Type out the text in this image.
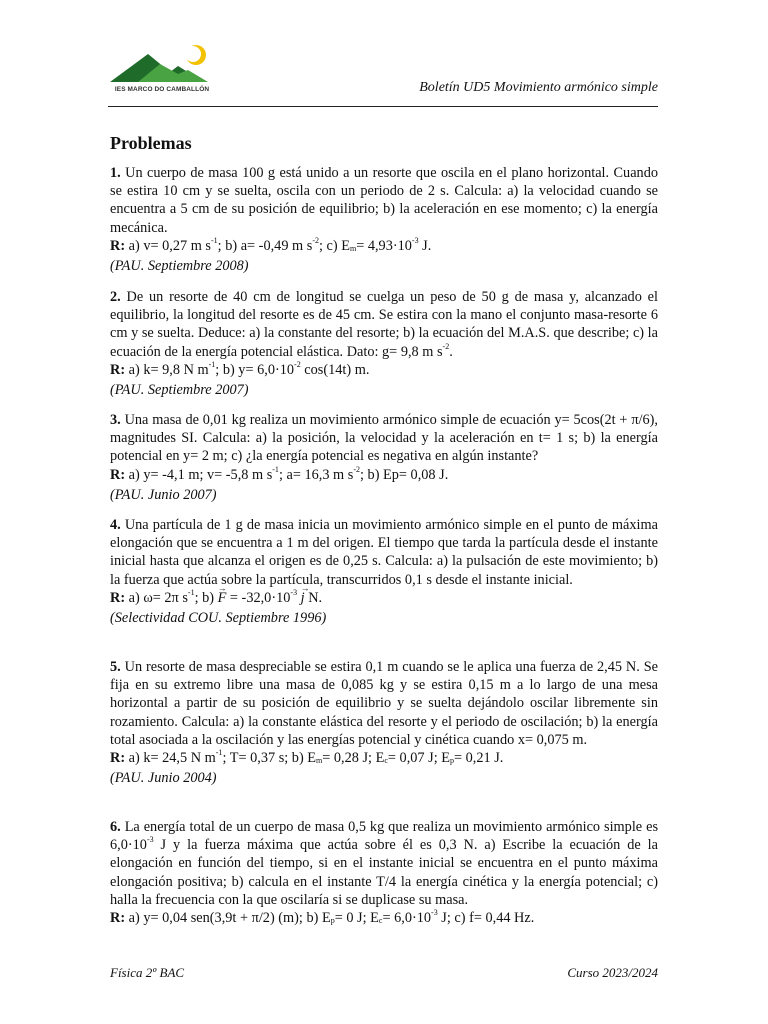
IES MARCO DO CAMBALLÓN	Boletín UD5 Movimiento armónico simple
Problemas

1. Un cuerpo de masa 100 g está unido a un resorte que oscila en el plano horizontal. Cuando se estira 10 cm y se suelta, oscila con un periodo de 2 s. Calcula: a) la velocidad cuando se encuentra a 5 cm de su posición de equilibrio; b) la aceleración en ese momento; c) la energía mecánica.

R: a) v= 0,27 m $s^{-1}$; b) a= -0,49 m $s^{-2}$; c) $E_m= 4,93\cdot 10^{-3}$ J.

(PAU. Septiembre 2008)

2. De un resorte de 40 cm de longitud se cuelga un peso de 50 g de masa y, alcanzado el equilibrio, la longitud del resorte es de 45 cm. Se estira con la mano el conjunto masa-resorte 6 cm y se suelta. Deduce: a) la constante del resorte; b) la ecuación del M.A.S. que describe; c) la ecuación de la energía potencial elástica. Dato: g= 9,8 m $s^{-2}$.

R: a) k= 9,8 N $m^{-1}$; b) $y= 6,0\cdot 10^{-2}$ cos(14t) m.

(PAU. Septiembre 2007)

3. Una masa de 0,01 kg realiza un movimiento armónico simple de ecuación y= 5cos(2t + π/6), magnitudes SI. Calcula: a) la posición, la velocidad y la aceleración en t= 1 s; b) la energía potencial en y= 2 m; c) ¿la energía potencial es negativa en algún instante?

R: a) y= -4,1 m; v= -5,8 m $s^{-1}$; a= 16,3 m $s^{-2}$; b) Ep= 0,08 J.

(PAU. Junio 2007)

4. Una partícula de 1 g de masa inicia un movimiento armónico simple en el punto de máxima elongación que se encuentra a 1 m del origen. El tiempo que tarda la partícula desde el instante inicial hasta que alcanza el origen es de 0,25 s. Calcula: a) la pulsación de este movimiento; b) la fuerza que actúa sobre la partícula, transcurridos 0,1 s desde el instante inicial.

R: a) ω= 2π $s^{-1}$; $b) \to F = -32,0\cdot 10^{-3} \to j$ N.

(Selectividad COU. Septiembre 1996)

5. Un resorte de masa despreciable se estira 0,1 m cuando se le aplica una fuerza de 2,45 N. Se fija en su extremo libre una masa de 0,085 kg y se estira 0,15 m a lo largo de una mesa horizontal a partir de su posición de equilibrio y se suelta dejándolo oscilar libremente sin rozamiento. Calcula: a) la constante elástica del resorte y el periodo de oscilación; b) la energía total asociada a la oscilación y las energías potencial y cinética cuando x= 0,075 m.

R: a) k= 24,5 N $m^{-1}$; T= 0,37 s; b) $E_m= 0,28$ J; $E_c= 0,07$ J; $E_p= 0,21$ J.

(PAU. Junio 2004)

6. La energía total de un cuerpo de masa 0,5 kg que realiza un movimiento armónico simple es $6,0\cdot 10^{-3}$ J y la fuerza máxima que actúa sobre él es 0,3 N. a) Escribe la ecuación de la elongación en función del tiempo, si en el instante inicial se encuentra en el punto máxima elongación positiva; b) calcula en el instante T/4 la energía cinética y la energía potencial; c) halla la frecuencia con la que oscilaría si se duplicase su masa.

R: a) y= 0,04 sen(3,9t + π/2) (m); b) $E_p= 0$ J; $E_c= 6,0\cdot 10^{-3}$ J; c) f= 0,44 Hz.

Física 2º BAC	Curso 2023/2024
